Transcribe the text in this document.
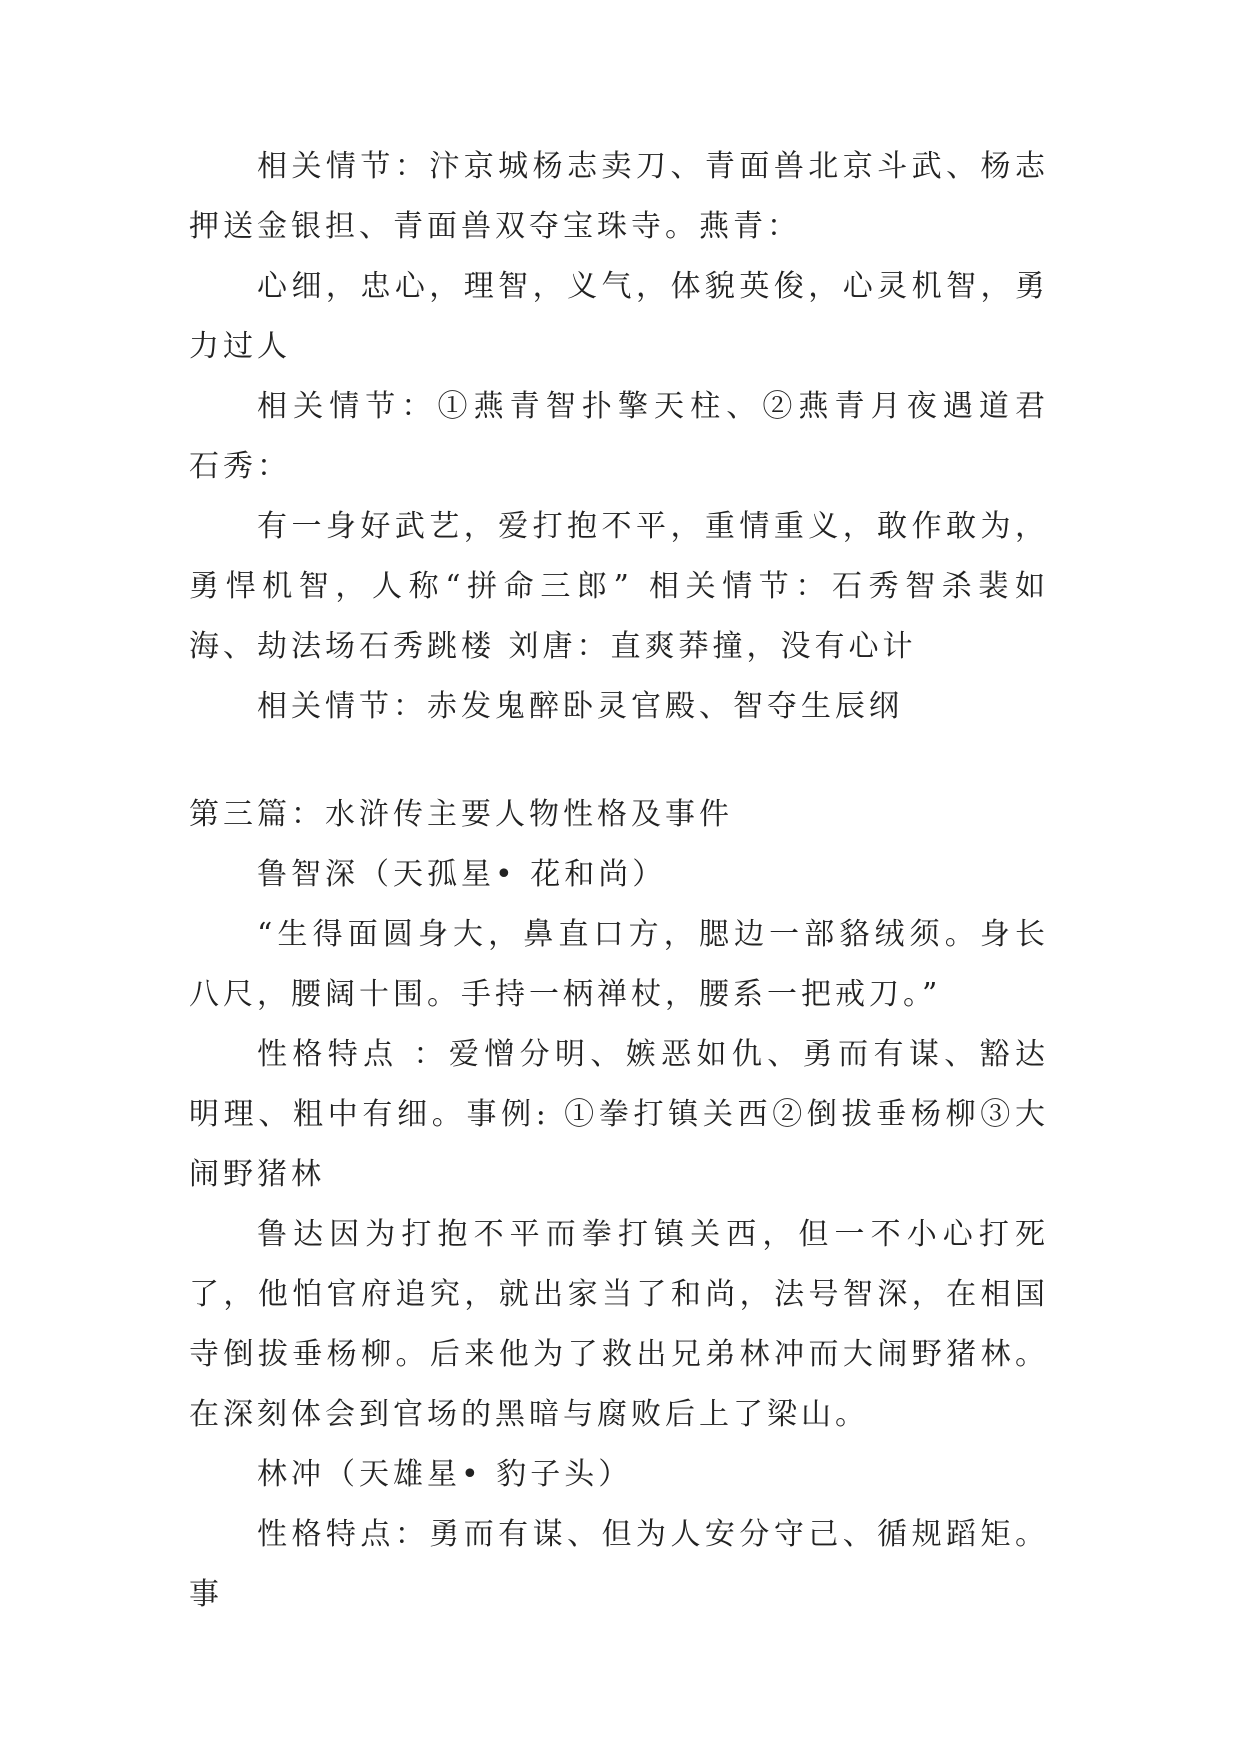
相关情节：汴京城杨志卖刀、青面兽北京斗武、杨志押送金银担、青面兽双夺宝珠寺。燕青：

心细，忠心，理智，义气，体貌英俊，心灵机智，勇力过人

相关情节：①燕青智扑擎天柱、②燕青月夜遇道君 石秀：

有一身好武艺，爱打抱不平，重情重义，敢作敢为，勇悍机智，人称“拼命三郎” 相关情节：石秀智杀裴如海、劫法场石秀跳楼 刘唐：直爽莽撞，没有心计

相关情节：赤发鬼醉卧灵官殿、智夺生辰纲

第三篇：水浒传主要人物性格及事件

鲁智深（天孤星• 花和尚）

“生得面圆身大，鼻直口方，腮边一部貉绒须。身长八尺，腰阔十围。手持一柄禅杖，腰系一把戒刀。”

性格特点 ：爱憎分明、嫉恶如仇、勇而有谋、豁达明理、粗中有细。事例: ①拳打镇关西②倒拔垂杨柳③大闹野猪林

鲁达因为打抱不平而拳打镇关西，但一不小心打死了，他怕官府追究，就出家当了和尚，法号智深，在相国寺倒拔垂杨柳。后来他为了救出兄弟林冲而大闹野猪林。在深刻体会到官场的黑暗与腐败后上了梁山。

林冲（天雄星• 豹子头）

性格特点：勇而有谋、但为人安分守己、循规蹈矩。事
